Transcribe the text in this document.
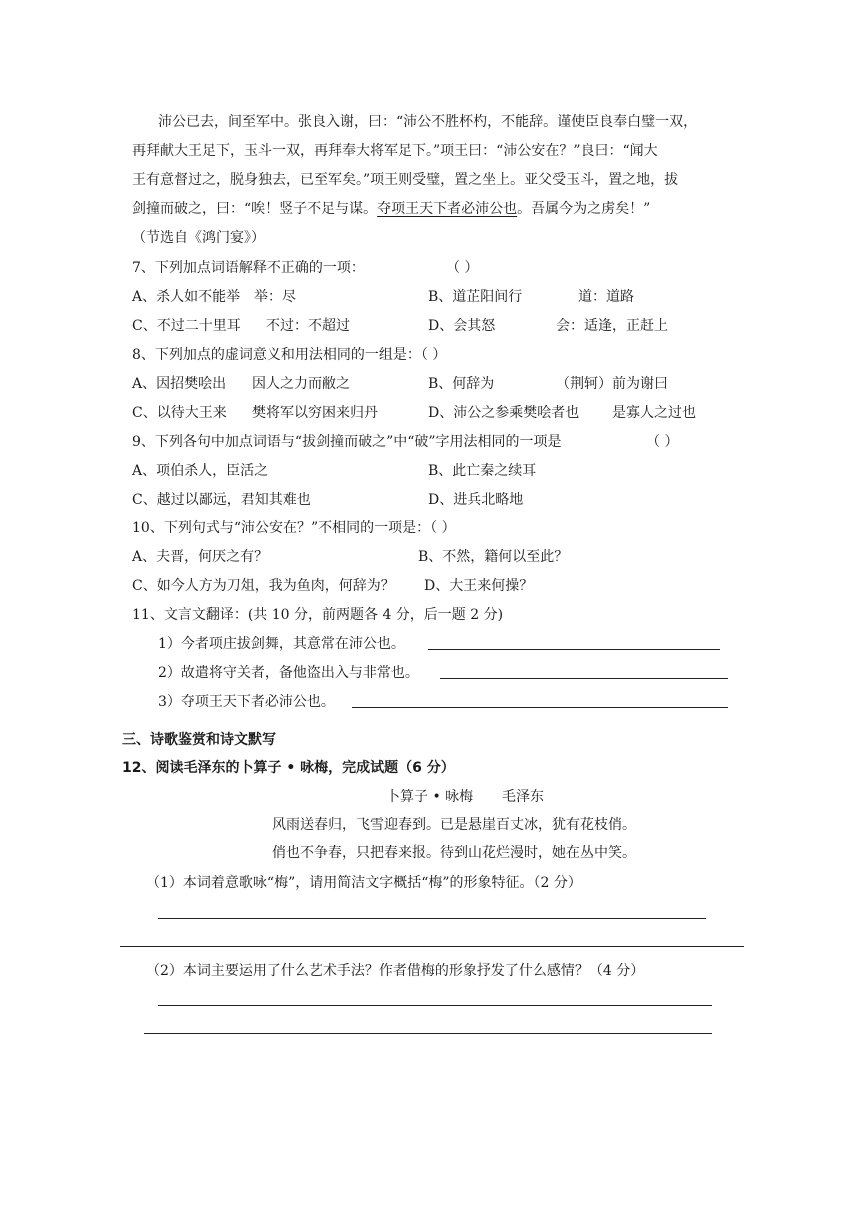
沛公已去，间至军中。张良入谢，曰：“沛公不胜杯杓，不能辞。谨使臣良奉白璧一双，
再拜献大王足下，玉斗一双，再拜奉大将军足下。”项王曰：“沛公安在？”良曰：“闻大
王有意督过之，脱身独去，已至军矣。”项王则受璧，置之坐上。亚父受玉斗，置之地，拔
剑撞而破之，曰：“唉！竖子不足与谋。夺项王天下者必沛公也。吾属今为之虏矣！”
（节选自《鸿门宴》）
7、下列加点词语解释不正确的一项：	（ ）
A、杀人如不能举 举：尽	B、道芷阳间行	道：道路
C、不过二十里耳 不过：不超过	D、会其怒	会：适逢，正赶上
8、下列加点的虚词意义和用法相同的一组是：（ ）
A、因招樊哙出 因人之力而敝之	B、何辞为	（荆轲）前为谢曰
C、以待大王来 樊将军以穷困来归丹	D、沛公之参乘樊哙者也 是寡人之过也
9、下列各句中加点词语与“拔剑撞而破之”中“破”字用法相同的一项是	（ ）
A、项伯杀人，臣活之	B、此亡秦之续耳
C、越过以鄙远，君知其难也	D、进兵北略地
10、下列句式与“沛公安在？”不相同的一项是：（ ）
A、夫晋，何厌之有？	B、不然，籍何以至此？
C、如今人方为刀俎，我为鱼肉，何辞为？ D、大王来何操？
11、文言文翻译：(共 10 分，前两题各 4 分，后一题 2 分)
1）今者项庄拔剑舞，其意常在沛公也。
2）故遣将守关者，备他盗出入与非常也。
3）夺项王天下者必沛公也。
三、诗歌鉴赏和诗文默写
12、阅读毛泽东的卜算子 • 咏梅，完成试题（6 分）
卜算子 • 咏梅 毛泽东
风雨送春归，飞雪迎春到。已是悬崖百丈冰，犹有花枝俏。
俏也不争春，只把春来报。待到山花烂漫时，她在丛中笑。
（1）本词着意歌咏“梅”，请用简洁文字概括“梅”的形象特征。（2 分）
（2）本词主要运用了什么艺术手法？作者借梅的形象抒发了什么感情？（4 分）
